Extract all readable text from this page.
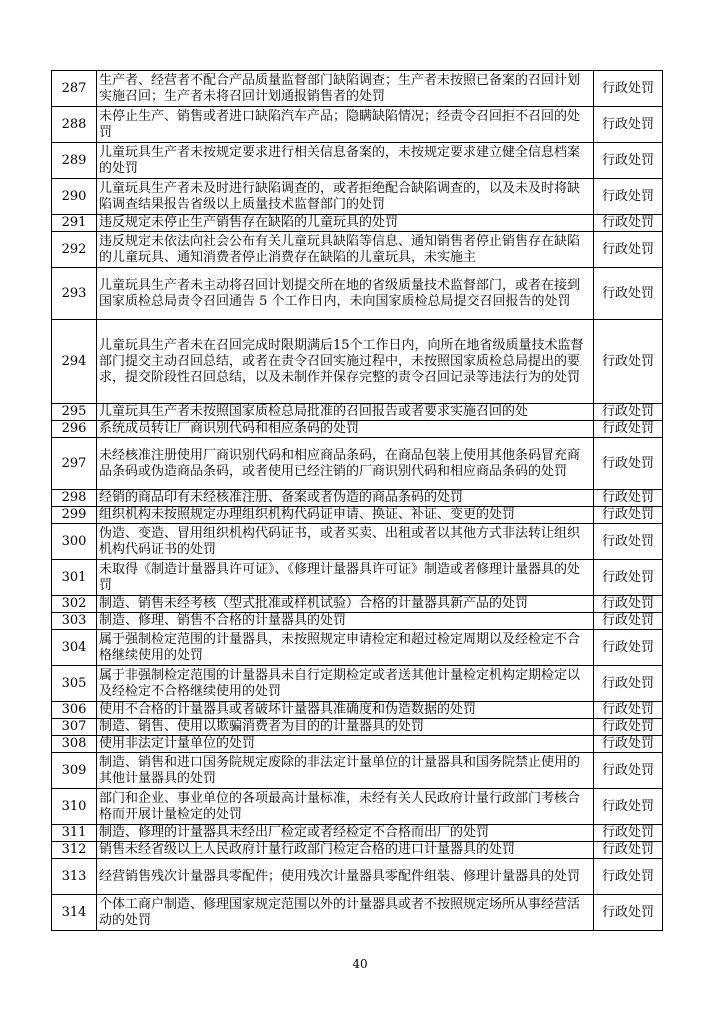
287	生产者、经营者不配合产品质量监督部门缺陷调查；生产者未按照已备案的召回计划实施召回；生产者未将召回计划通报销售者的处罚	行政处罚
288	未停止生产、销售或者进口缺陷汽车产品；隐瞒缺陷情况；经责令召回拒不召回的处罚	行政处罚
289	儿童玩具生产者未按规定要求进行相关信息备案的，未按规定要求建立健全信息档案的处罚	行政处罚
290	儿童玩具生产者未及时进行缺陷调查的，或者拒绝配合缺陷调查的，以及未及时将缺陷调查结果报告省级以上质量技术监督部门的处罚	行政处罚
291	违反规定未停止生产销售存在缺陷的儿童玩具的处罚	行政处罚
292	违反规定未依法向社会公布有关儿童玩具缺陷等信息、通知销售者停止销售存在缺陷的儿童玩具、通知消费者停止消费存在缺陷的儿童玩具，未实施主	行政处罚
293	儿童玩具生产者未主动将召回计划提交所在地的省级质量技术监督部门，或者在接到国家质检总局责令召回通告 5 个工作日内，未向国家质检总局提交召回报告的处罚	行政处罚
294	儿童玩具生产者未在召回完成时限期满后15个工作日内，向所在地省级质量技术监督部门提交主动召回总结，或者在责令召回实施过程中，未按照国家质检总局提出的要求，提交阶段性召回总结，以及未制作并保存完整的责令召回记录等违法行为的处罚	行政处罚
295	儿童玩具生产者未按照国家质检总局批准的召回报告或者要求实施召回的处	行政处罚
296	系统成员转让厂商识别代码和相应条码的处罚	行政处罚
297	未经核准注册使用厂商识别代码和相应商品条码，在商品包装上使用其他条码冒充商品条码或伪造商品条码，或者使用已经注销的厂商识别代码和相应商品条码的处罚	行政处罚
298	经销的商品印有未经核准注册、备案或者伪造的商品条码的处罚	行政处罚
299	组织机构未按照规定办理组织机构代码证申请、换证、补证、变更的处罚	行政处罚
300	伪造、变造、冒用组织机构代码证书，或者买卖、出租或者以其他方式非法转让组织机构代码证书的处罚	行政处罚
301	未取得《制造计量器具许可证》、《修理计量器具许可证》制造或者修理计量器具的处罚	行政处罚
302	制造、销售未经考核（型式批准或样机试验）合格的计量器具新产品的处罚	行政处罚
303	制造、修理、销售不合格的计量器具的处罚	行政处罚
304	属于强制检定范围的计量器具，未按照规定申请检定和超过检定周期以及经检定不合格继续使用的处罚	行政处罚
305	属于非强制检定范围的计量器具未自行定期检定或者送其他计量检定机构定期检定以及经检定不合格继续使用的处罚	行政处罚
306	使用不合格的计量器具或者破坏计量器具准确度和伪造数据的处罚	行政处罚
307	制造、销售、使用以欺骗消费者为目的的计量器具的处罚	行政处罚
308	使用非法定计量单位的处罚	行政处罚
309	制造、销售和进口国务院规定废除的非法定计量单位的计量器具和国务院禁止使用的其他计量器具的处罚	行政处罚
310	部门和企业、事业单位的各项最高计量标准，未经有关人民政府计量行政部门考核合格而开展计量检定的处罚	行政处罚
311	制造、修理的计量器具未经出厂检定或者经检定不合格而出厂的处罚	行政处罚
312	销售未经省级以上人民政府计量行政部门检定合格的进口计量器具的处罚	行政处罚
313	经营销售残次计量器具零配件；使用残次计量器具零配件组装、修理计量器具的处罚	行政处罚
314	个体工商户制造、修理国家规定范围以外的计量器具或者不按照规定场所从事经营活动的处罚	行政处罚
40
